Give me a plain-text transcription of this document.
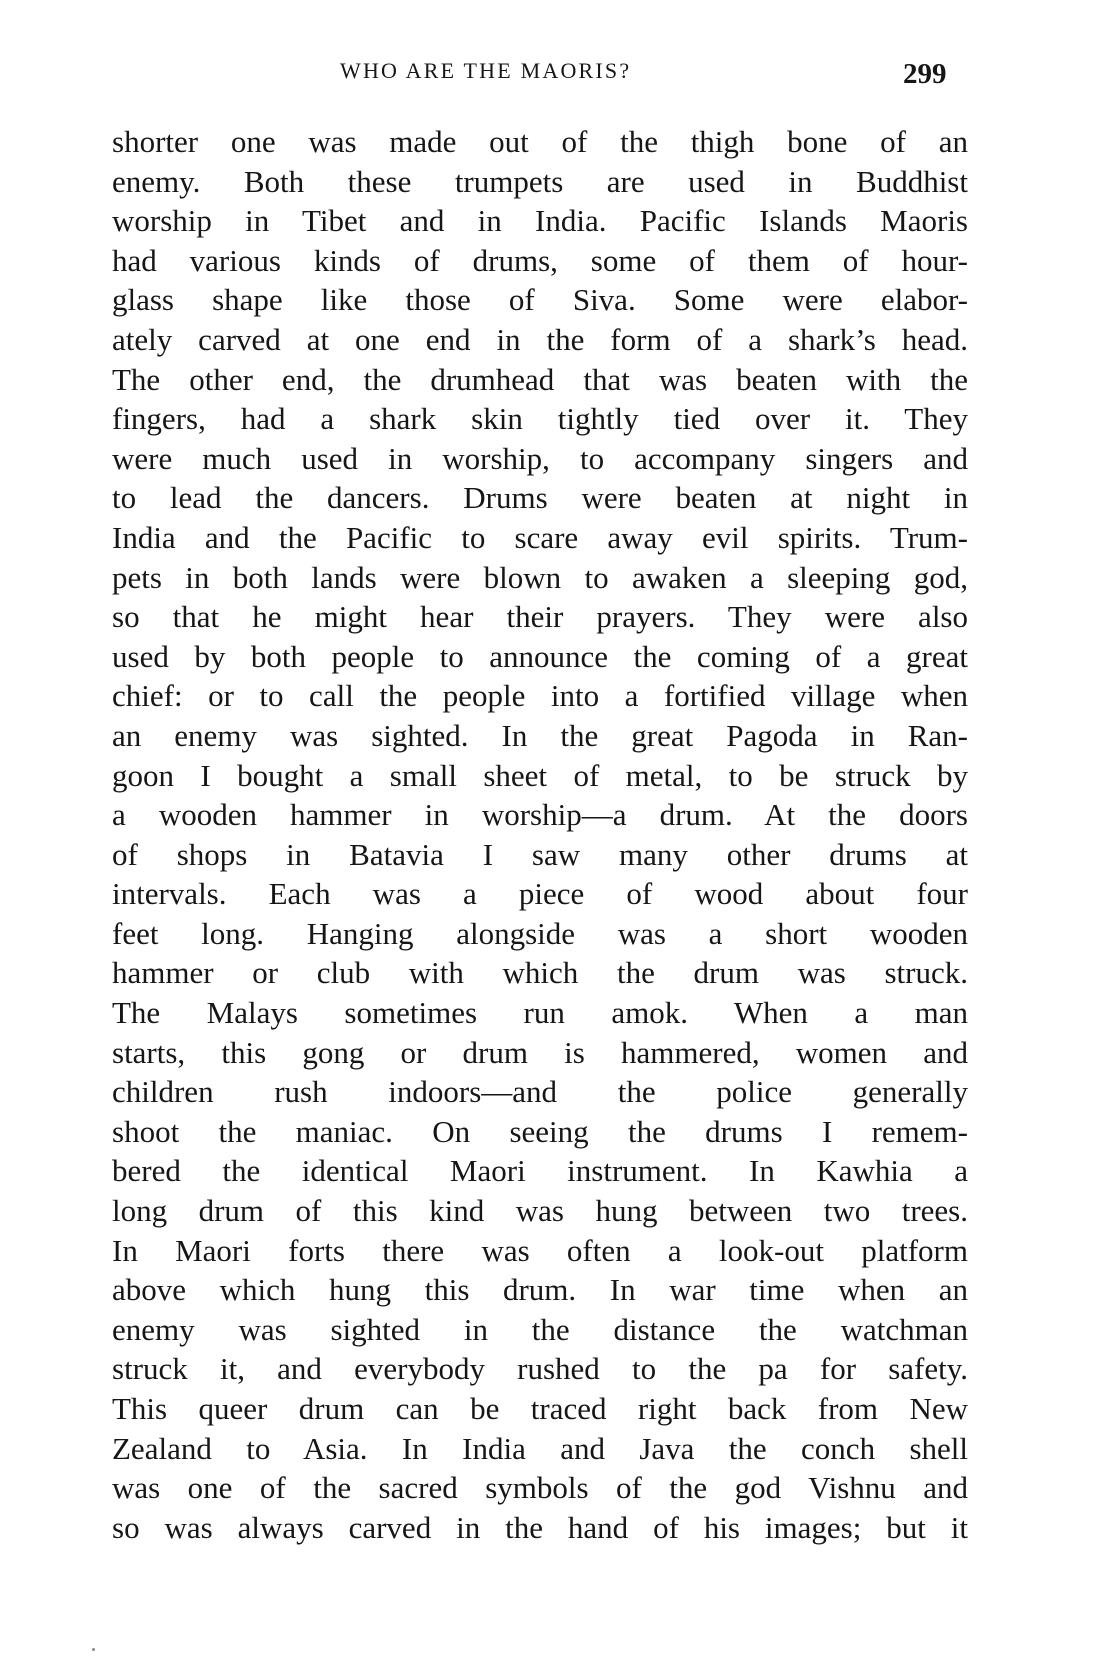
WHO ARE THE MAORIS?	299
shorter one was made out of the thigh bone of an
enemy. Both these trumpets are used in Buddhist
worship in Tibet and in India. Pacific Islands Maoris
had various kinds of drums, some of them of hour-
glass shape like those of Siva. Some were elabor-
ately carved at one end in the form of a shark’s head.
The other end, the drumhead that was beaten with the
fingers, had a shark skin tightly tied over it. They
were much used in worship, to accompany singers and
to lead the dancers. Drums were beaten at night in
India and the Pacific to scare away evil spirits. Trum-
pets in both lands were blown to awaken a sleeping god,
so that he might hear their prayers. They were also
used by both people to announce the coming of a great
chief: or to call the people into a fortified village when
an enemy was sighted. In the great Pagoda in Ran-
goon I bought a small sheet of metal, to be struck by
a wooden hammer in worship—a drum. At the doors
of shops in Batavia I saw many other drums at
intervals. Each was a piece of wood about four
feet long. Hanging alongside was a short wooden
hammer or club with which the drum was struck.
The Malays sometimes run amok. When a man
starts, this gong or drum is hammered, women and
children rush indoors—and the police generally
shoot the maniac. On seeing the drums I remem-
bered the identical Maori instrument. In Kawhia a
long drum of this kind was hung between two trees.
In Maori forts there was often a look-out platform
above which hung this drum. In war time when an
enemy was sighted in the distance the watchman
struck it, and everybody rushed to the pa for safety.
This queer drum can be traced right back from New
Zealand to Asia. In India and Java the conch shell
was one of the sacred symbols of the god Vishnu and
so was always carved in the hand of his images; but it
